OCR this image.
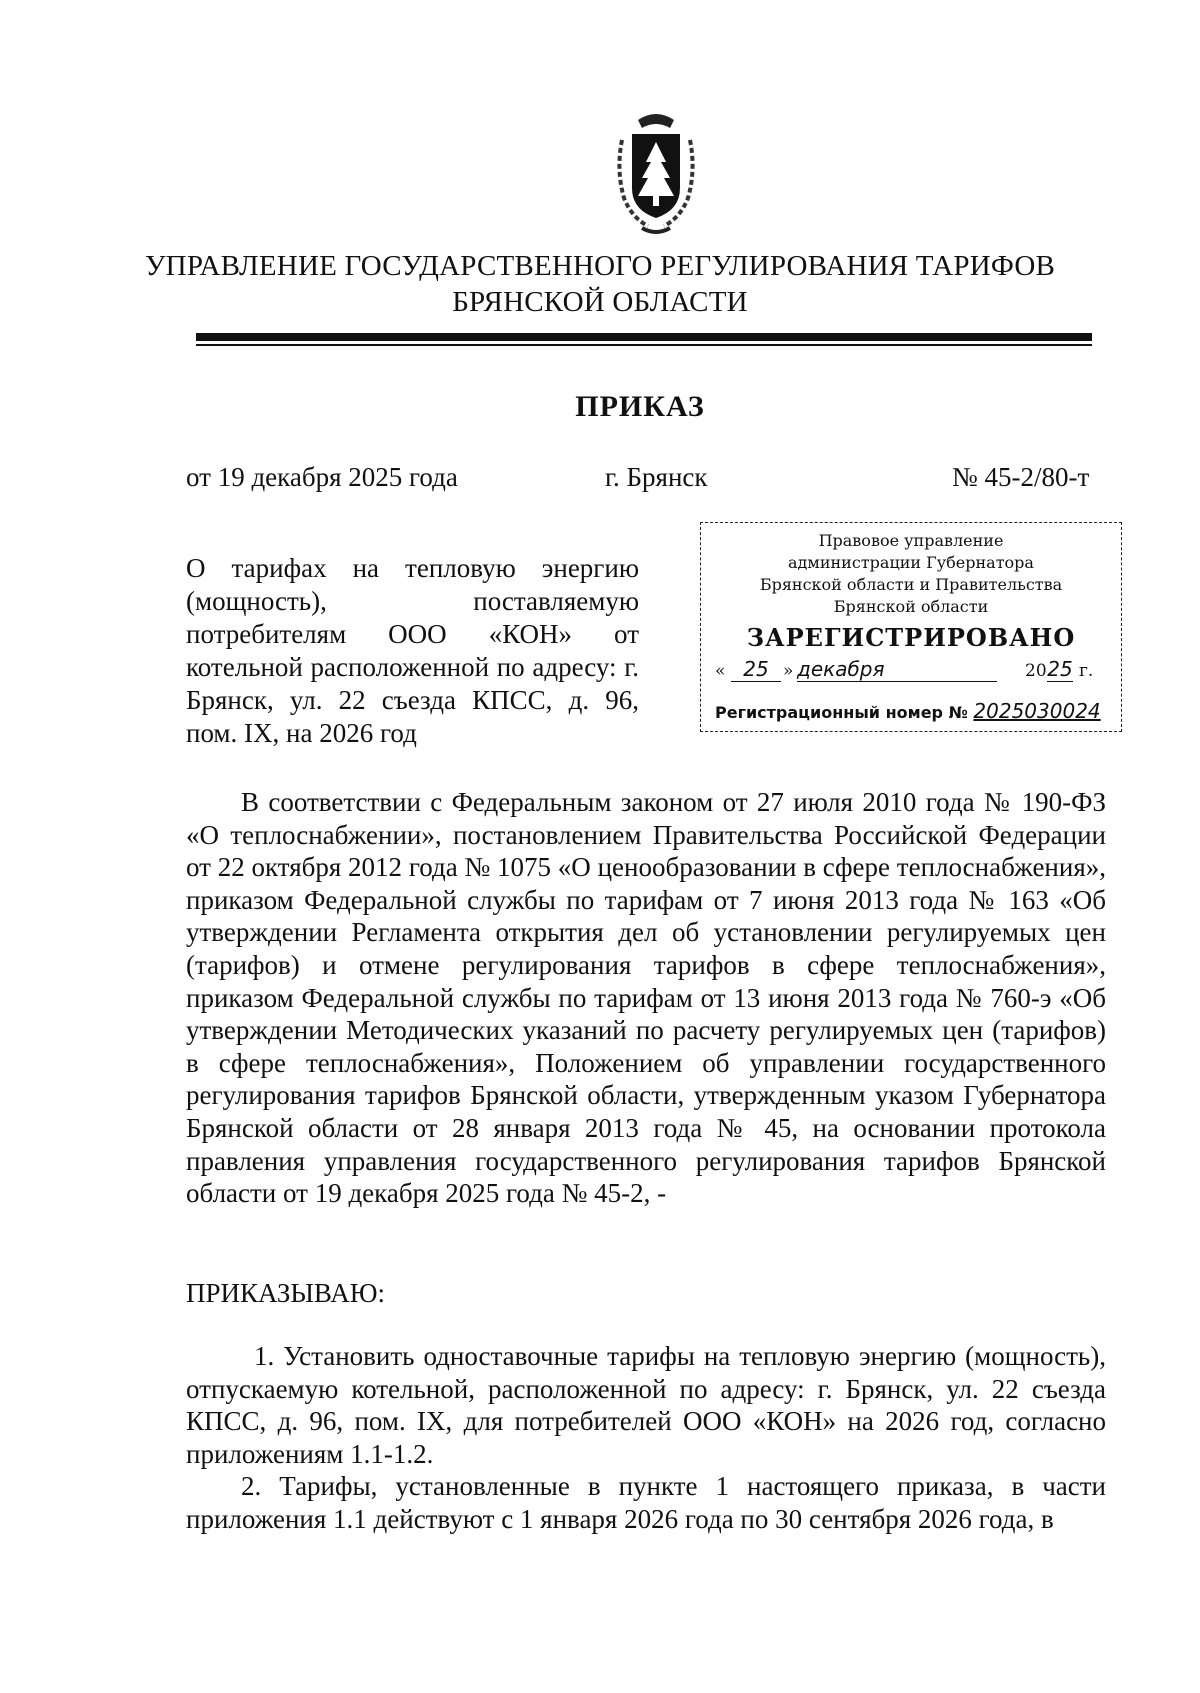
УПРАВЛЕНИЕ ГОСУДАРСТВЕННОГО РЕГУЛИРОВАНИЯ ТАРИФОВ
БРЯНСКОЙ ОБЛАСТИ
ПРИКАЗ
от 19 декабря 2025 года	г. Брянск	№ 45-2/80-т
О тарифах на тепловую энергию (мощность), поставляемую потребителям ООО «КОН» от котельной расположенной по адресу: г. Брянск, ул. 22 съезда КПСС, д. 96, пом. IX, на 2026 год
Правовое управление
администрации Губернатора
Брянской области и Правительства
Брянской области
ЗАРЕГИСТРИРОВАНО
« 25 » декабря	20 25 г.
Регистрационный номер № 2025030024
В соответствии с Федеральным законом от 27 июля 2010 года № 190-ФЗ «О теплоснабжении», постановлением Правительства Российской Федерации от 22 октября 2012 года № 1075 «О ценообразовании в сфере теплоснабжения», приказом Федеральной службы по тарифам от 7 июня 2013 года № 163 «Об утверждении Регламента открытия дел об установлении регулируемых цен (тарифов) и отмене регулирования тарифов в сфере теплоснабжения», приказом Федеральной службы по тарифам от 13 июня 2013 года № 760-э «Об утверждении Методических указаний по расчету регулируемых цен (тарифов) в сфере теплоснабжения», Положением об управлении государственного регулирования тарифов Брянской области, утвержденным указом Губернатора Брянской области от 28 января 2013 года № 45, на основании протокола правления управления государственного регулирования тарифов Брянской области от 19 декабря 2025 года № 45-2, -
ПРИКАЗЫВАЮ:
1. Установить одноставочные тарифы на тепловую энергию (мощность), отпускаемую котельной, расположенной по адресу: г. Брянск, ул. 22 съезда КПСС, д. 96, пом. IX, для потребителей ООО «КОН» на 2026 год, согласно приложениям 1.1-1.2.
2. Тарифы, установленные в пункте 1 настоящего приказа, в части приложения 1.1 действуют с 1 января 2026 года по 30 сентября 2026 года, в
